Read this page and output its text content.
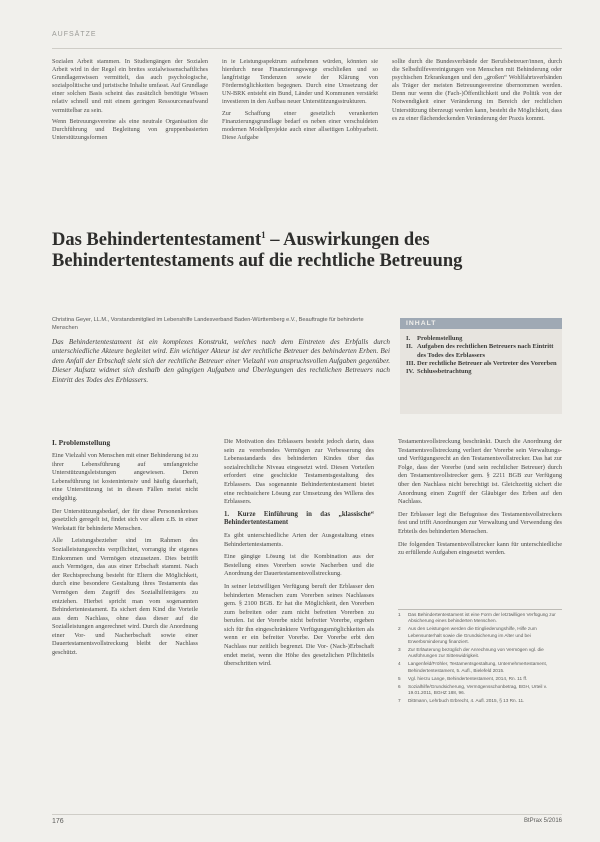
AUFSÄTZE

Sozialen Arbeit stammen. In Studiengängen der Sozialen Arbeit wird in der Regel ein breites sozialwissenschaftliches Grundlagenwissen vermittelt, das auch psychologische, sozialpolitische und juristische Inhalte umfasst. Auf Grundlage einer solchen Basis scheint das zusätzlich benötigte Wissen relativ schnell und mit einem geringen Ressourcenaufwand vermittelbar zu sein.

Wenn Betreuungsvereine als eine neutrale Organisation die Durchführung und Begleitung von gruppenbasierten Unterstützungsformen

in ie Leistungsspektrum aufnehmen würden, könnten sie hierdurch neue Finanzierungswege erschließen und so langfristige Tendenzen sowie der Klärung von Fördermöglichkeiten begegnen. Durch eine Umsetzung der UN-BRK entsteht ein Bund, Länder und Kommunen verstärkt investieren in den Aufbau neuer Unterstützungsstrukturen.

Zur Schaffung einer gesetzlich verankerten Finanzierungsgrundlage bedarf es neben einer verschuldeten modernen Modellprojekte auch einer allseitigen Lobbyarbeit. Diese Aufgabe

sollte durch die Bundesverbände der Berufsbetreuer/innen, durch die Selbsthilfevereinigungen von Menschen mit Behinderung oder psychischen Erkrankungen und den „großen“ Wohlfahrtsverbänden als Träger der meisten Betreuungsvereine übernommen werden. Denn nur wenn die (Fach-)Öffentlichkeit und die Politik von der Notwendigkeit einer Veränderung im Bereich der rechtlichen Unterstützung überzeugt werden kann, besteht die Möglichkeit, dass es zu einer flächendeckenden Veränderung der Praxis kommt.

Das Behindertentestament$^1$ – Auswirkungen des Behindertentestaments auf die rechtliche Betreuung
Christina Geyer, LL.M., Vorstandsmitglied im Lebenshilfe Landesverband Baden-Württemberg e.V., Beauftragte für behinderte Menschen
Das Behindertentestament ist ein komplexes Konstrukt, welches nach dem Eintreten des Erbfalls durch unterschiedliche Akteure begleitet wird. Ein wichtiger Akteur ist der rechtliche Betreuer des behinderten Erben. Bei dem Anfall der Erbschaft sieht sich der rechtliche Betreuer einer Vielzahl von anspruchsvollen Aufgaben gegenüber. Dieser Aufsatz widmet sich deshalb den gängigen Aufgaben und Überlegungen des rechtlichen Betreuers nach Eintritt des Todes des Erblassers.
INHALT
I.	Problemstellung
II. Aufgaben des rechtlichen Betreuers nach Eintritt des Todes des Erblassers
III. Der rechtliche Betreuer als Vertreter des Vorerben
IV. Schlussbetrachtung
I. Problemstellung

Eine Vielzahl von Menschen mit einer Behinderung ist zu ihrer Lebensführung auf umfangreiche Unterstützungsleistungen angewiesen. Deren Lebensführung ist kostenintensiv und häufig dauerhaft, eine Unterstützung ist in diesen Fällen meist nicht endgültig.

Der Unterstützungsbedarf, der für diese Personenkreises gesetzlich geregelt ist, findet sich vor allem z.B. in einer Werkstatt für behinderte Menschen.

Alle Leistungsbezieher sind im Rahmen des Sozialleistungsrechts verpflichtet, vorrangig ihr eigenes Einkommen und Vermögen einzusetzen. Dies betrifft auch Vermögen, das aus einer Erbschaft stammt. Nach der Rechtsprechung besteht für Eltern die Möglichkeit, durch eine besondere Gestaltung ihres Testaments das Vermögen dem Zugriff des Sozialhilfeträgers zu entziehen. Hierbei spricht man vom sogenannten Behindertentestament. Es sichert dem Kind die Vorteile aus dem Nachlass, ohne dass dieser auf die Sozialleistungen angerechnet wird. Durch die Anordnung einer Vor- und Nacherbschaft sowie einer Dauertestamentsvollstreckung bleibt der Nachlass geschützt.

Die Motivation des Erblassers besteht jedoch darin, dass sein zu vererbendes Vermögen zur Verbesserung des Lebensstandards des behinderten Kindes über das sozialrechtliche Niveau eingesetzt wird. Diesen Vorteilen erfordert eine geschickte Testamentsgestaltung des Erblassers. Das sogenannte Behindertentestament bietet eine rechtssichere Lösung zur Umsetzung des Willens des Erblassers.

1. Kurze Einführung in das „klassische“ Behindertentestament

Es gibt unterschiedliche Arten der Ausgestaltung eines Behindertentestaments.

Eine gängige Lösung ist die Kombination aus der Bestellung eines Vorerben sowie Nacherben und die Anordnung der Dauertestamentsvollstreckung.

In seiner letztwilligen Verfügung beruft der Erblasser den behinderten Menschen zum Vorerben seines Nachlasses gem. § 2100 BGB. Er hat die Möglichkeit, den Vorerben zum befreiten oder zum nicht befreiten Vorerben zu berufen. Ist der Vorerbe nicht befreiter Vorerbe, ergeben sich für ihn eingeschränktere Verfügungsmöglichkeiten als wenn er ein befreiter Vorerbe. Der Vorerbe erbt den Nachlass nur zeitlich begrenzt. Die Vor- (Nach-)Erbschaft endet meist, wenn die Höhe des gesetzlichen Pflichtteils überschritten wird.

Testamentsvollstreckung beschränkt. Durch die Anordnung der Testamentsvollstreckung verliert der Vorerbe sein Verwaltungs- und Verfügungsrecht an den Testamentsvollstrecker. Das hat zur Folge, dass der Vorerbe (und sein rechtlicher Betreuer) durch den Testamentsvollstrecker gem. § 2211 BGB zur Verfügung über den Nachlass nicht berechtigt ist. Gleichzeitig sichert die Anordnung einen Zugriff der Gläubiger des Erben auf den Nachlass.

Der Erblasser legt die Befugnisse des Testamentsvollstreckers fest und trifft Anordnungen zur Verwaltung und Verwendung des Erbteils des behinderten Menschen.

Die folgenden Testamentsvollstrecker kann für unterschiedliche zu erfüllende Aufgaben eingesetzt werden.

1	Das Behindertentestament ist eine Form der letztwilligen Verfügung zur Absicherung eines behinderten Menschen.
2	Aus den Leistungen werden die Eingliederungshilfe, Hilfe zum Lebensunterhalt sowie die Grundsicherung im Alter und bei Erwerbsminderung finanziert.
3	Zur Erläuterung bezüglich der Anrechnung von Vermögen vgl. die Ausführungen zur Sittenwidrigkeit.
4	Langenfeld/Fröhler, Testamentsgestaltung, Unternehmertestament, Behindertentestament, 5. Aufl., Bielefeld 2015.
5	Vgl. hierzu Lange, Behindertentestament, 2014, Rn. 11 ff.
6	Sozialhilfe/Grundsicherung, Vermögensschonbetrag, BGH, Urteil v. 19.01.2011, BGHZ 188, 96.
7	Dittmann, Lehrbuch Erbrecht, 4. Aufl. 2015, § 13 Rn. 11.
176	BtPrax 5/2016
